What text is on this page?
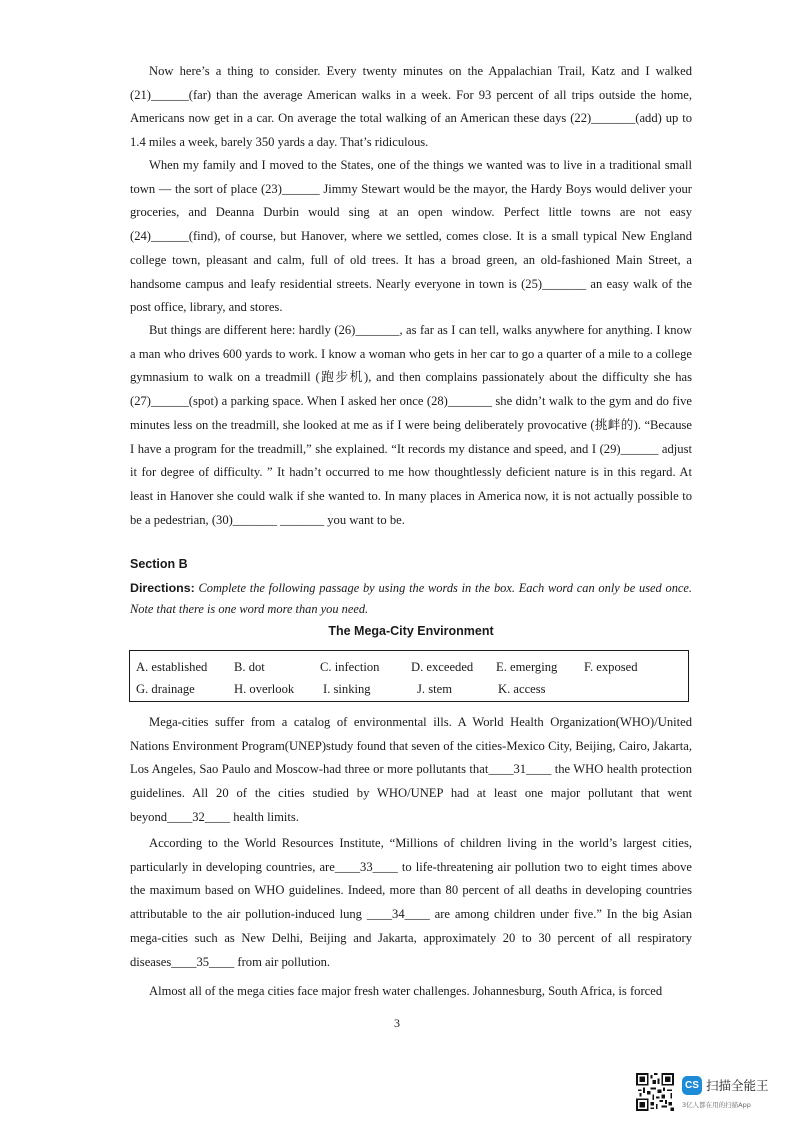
Now here’s a thing to consider. Every twenty minutes on the Appalachian Trail, Katz and I walked (21)______(far) than the average American walks in a week. For 93 percent of all trips outside the home, Americans now get in a car. On average the total walking of an American these days (22)_______(add) up to 1.4 miles a week, barely 350 yards a day. That’s ridiculous.

When my family and I moved to the States, one of the things we wanted was to live in a traditional small town — the sort of place (23)______ Jimmy Stewart would be the mayor, the Hardy Boys would deliver your groceries, and Deanna Durbin would sing at an open window. Perfect little towns are not easy (24)______(find), of course, but Hanover, where we settled, comes close. It is a small typical New England college town, pleasant and calm, full of old trees. It has a broad green, an old-fashioned Main Street, a handsome campus and leafy residential streets. Nearly everyone in town is (25)_______ an easy walk of the post office, library, and stores.

But things are different here: hardly (26)_______, as far as I can tell, walks anywhere for anything. I know a man who drives 600 yards to work. I know a woman who gets in her car to go a quarter of a mile to a college gymnasium to walk on a treadmill (跑步机), and then complains passionately about the difficulty she has (27)______(spot) a parking space. When I asked her once (28)_______ she didn’t walk to the gym and do five minutes less on the treadmill, she looked at me as if I were being deliberately provocative (挑衅的). “Because I have a program for the treadmill,” she explained. “It records my distance and speed, and I (29)______ adjust it for degree of difficulty. ” It hadn’t occurred to me how thoughtlessly deficient nature is in this regard. At least in Hanover she could walk if she wanted to. In many places in America now, it is not actually possible to be a pedestrian, (30)_______ _______ you want to be.

Section B

Directions: Complete the following passage by using the words in the box. Each word can only be used once. Note that there is one word more than you need.

The Mega-City Environment

A. established B. dot	C. infection	D. exceeded E. emerging F. exposed
G. drainage	H. overlook I. sinking	J. stem	K. access

Mega-cities suffer from a catalog of environmental ills. A World Health Organization(WHO)/United Nations Environment Program(UNEP)study found that seven of the cities-Mexico City, Beijing, Cairo, Jakarta, Los Angeles, Sao Paulo and Moscow-had three or more pollutants that____31____ the WHO health protection guidelines. All 20 of the cities studied by WHO/UNEP had at least one major pollutant that went beyond____32____ health limits.

According to the World Resources Institute, “Millions of children living in the world’s largest cities, particularly in developing countries, are____33____ to life-threatening air pollution two to eight times above the maximum based on WHO guidelines. Indeed, more than 80 percent of all deaths in developing countries attributable to the air pollution-induced lung ____34____ are among children under five.” In the big Asian mega-cities such as New Delhi, Beijing and Jakarta, approximately 20 to 30 percent of all respiratory diseases____35____ from air pollution.

Almost all of the mega cities face major fresh water challenges. Johannesburg, South Africa, is forced

3
CS 扫描全能王
3亿人都在用的扫描App
